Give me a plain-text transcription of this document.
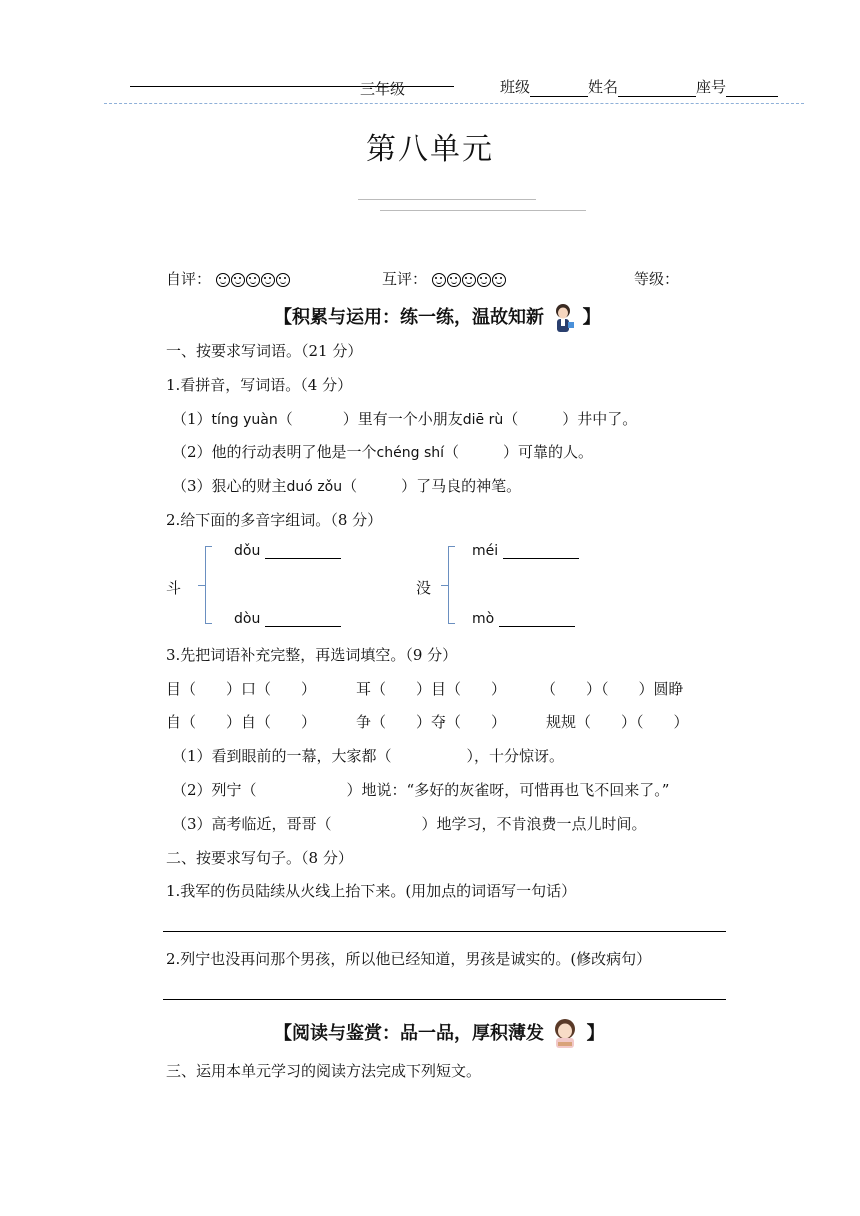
三年级	班级	姓名	座号
第八单元
自评：	互评：	等级：
【积累与运用：练一练，温故知新 】
一、按要求写词语。（21 分）
1.看拼音，写词语。（4 分）
（1）tíng yuàn（	）里有一个小朋友diē rù（	）井中了。
（2）他的行动表明了他是一个chéng shí（	）可靠的人。
（3）狠心的财主duó zǒu（	）了马良的神笔。
2.给下面的多音字组词。（8 分）
斗
dǒu
dòu
没
méi
mò
3.先把词语补充完整，再选词填空。（9 分）
目（　　）口（　　）	耳（　　）目（　　） （　　）（　　）圆睁
自（　　）自（　　）	争（　　）夺（　　）	规规（　　）（　　）
（1）看到眼前的一幕，大家都（　　　　　），十分惊讶。
（2）列宁（　　　　　　）地说：“多好的灰雀呀，可惜再也飞不回来了。”
（3）高考临近，哥哥（　　　　　　）地学习，不肯浪费一点儿时间。
二、按要求写句子。（8 分）
1.我军的伤员陆续从火线上抬下来。(用加点的词语写一句话）
2.列宁也没再问那个男孩，所以他已经知道，男孩是诚实的。(修改病句）
【阅读与鉴赏：品一品，厚积薄发 】
三、运用本单元学习的阅读方法完成下列短文。
